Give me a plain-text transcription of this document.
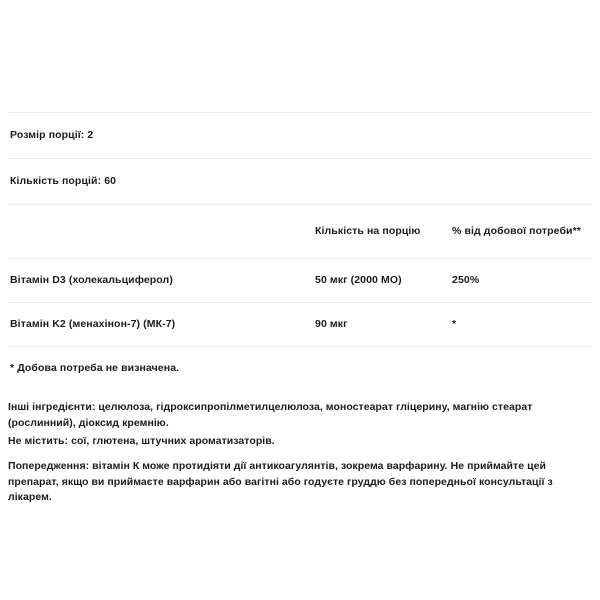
Розмір порції: 2		
Кількість порцій: 60		
	Кількість на порцію	% від добової потреби**
Вітамін D3 (холекальциферол)	50 мкг (2000 МО)	250%
Вітамін K2 (менахінон-7) (МК-7)	90 мкг	*
* Добова потреба не визначена.

Інші інгредієнти: целюлоза, гідроксипропілметилцелюлоза, моностеарат гліцерину, магнію стеарат (рослинний), діоксид кремнію.

Не містить: сої, глютена, штучних ароматизаторів.

Попередження: вітамін К може протидіяти дії антикоагулянтів, зокрема варфарину. Не приймайте цей препарат, якщо ви приймаєте варфарин або вагітні або годуєте груддю без попередньої консультації з лікарем.
